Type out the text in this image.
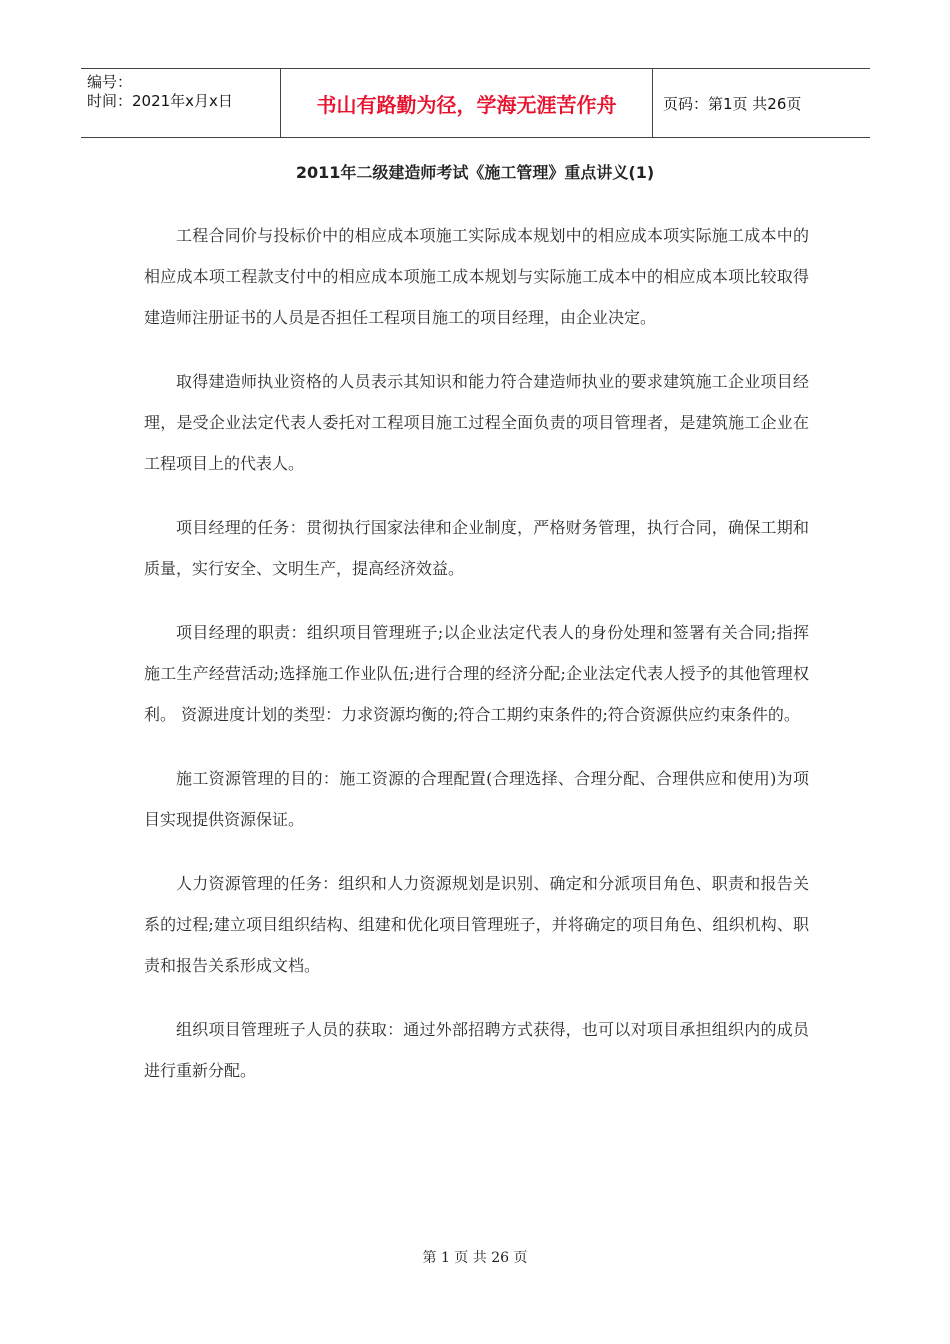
编号：
时间：2021年x月x日	书山有路勤为径，学海无涯苦作舟	页码：第1页 共26页
2011年二级建造师考试《施工管理》重点讲义(1)

工程合同价与投标价中的相应成本项施工实际成本规划中的相应成本项实际施工成本中的相应成本项工程款支付中的相应成本项施工成本规划与实际施工成本中的相应成本项比较取得建造师注册证书的人员是否担任工程项目施工的项目经理，由企业决定。

取得建造师执业资格的人员表示其知识和能力符合建造师执业的要求建筑施工企业项目经理，是受企业法定代表人委托对工程项目施工过程全面负责的项目管理者，是建筑施工企业在工程项目上的代表人。

项目经理的任务：贯彻执行国家法律和企业制度，严格财务管理，执行合同，确保工期和质量，实行安全、文明生产，提高经济效益。

项目经理的职责：组织项目管理班子;以企业法定代表人的身份处理和签署有关合同;指挥施工生产经营活动;选择施工作业队伍;进行合理的经济分配;企业法定代表人授予的其他管理权利。 资源进度计划的类型：力求资源均衡的;符合工期约束条件的;符合资源供应约束条件的。

施工资源管理的目的：施工资源的合理配置(合理选择、合理分配、合理供应和使用)为项目实现提供资源保证。

人力资源管理的任务：组织和人力资源规划是识别、确定和分派项目角色、职责和报告关系的过程;建立项目组织结构、组建和优化项目管理班子，并将确定的项目角色、组织机构、职责和报告关系形成文档。

组织项目管理班子人员的获取：通过外部招聘方式获得，也可以对项目承担组织内的成员进行重新分配。

第 1 页 共 26 页
